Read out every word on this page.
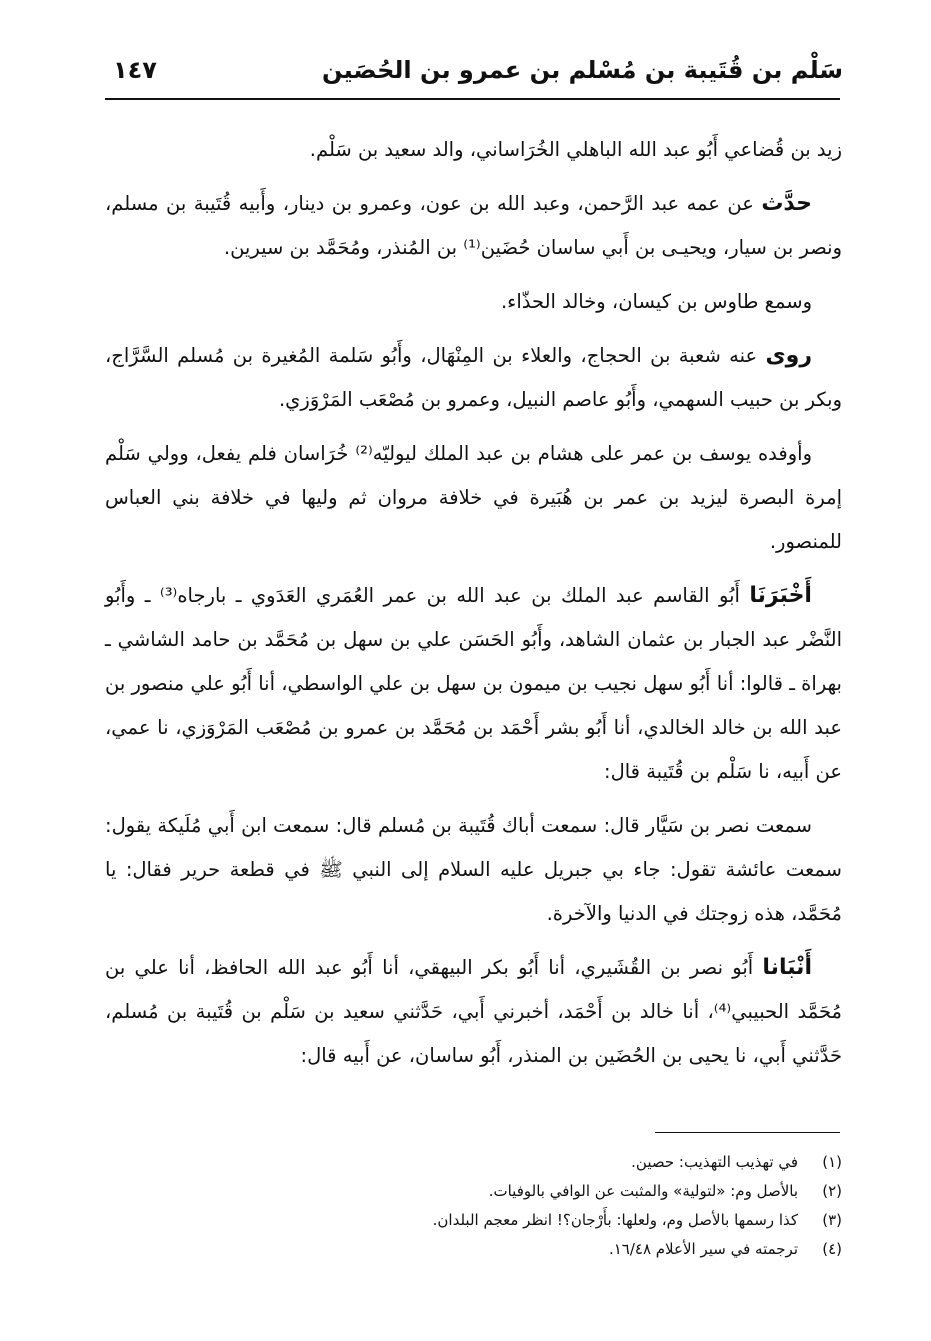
سَلْم بن قُتَيبة بن مُسْلم بن عمرو بن الحُصَين
١٤٧

زيد بن قُضاعي أَبُو عبد الله الباهلي الخُرَاساني، والد سعيد بن سَلْم.

حدَّث عن عمه عبد الرَّحمن، وعبد الله بن عون، وعمرو بن دينار، وأَبيه قُتَيبة بن مسلم، ونصر بن سيار، ويحيـى بن أَبي ساسان حُضَين⁽¹⁾ بن المُنذر، ومُحَمَّد بن سيرين.

وسمع طاوس بن كيسان، وخالد الحذّاء.

روى عنه شعبة بن الحجاج، والعلاء بن المِنْهَال، وأَبُو سَلمة المُغيرة بن مُسلم السَّرَّاج، وبكر بن حبيب السهمي، وأَبُو عاصم النبيل، وعمرو بن مُصْعَب المَرْوَزي.

وأوفده يوسف بن عمر على هشام بن عبد الملك ليوليّه⁽²⁾ خُرَاسان فلم يفعل، وولي سَلْم إمرة البصرة ليزيد بن عمر بن هُبَيرة في خلافة مروان ثم وليها في خلافة بني العباس للمنصور.

أَخْبَرَنَا أَبُو القاسم عبد الملك بن عبد الله بن عمر العُمَري العَدَوي ـ بارجاه⁽³⁾ ـ وأَبُو النَّضْر عبد الجبار بن عثمان الشاهد، وأَبُو الحَسَن علي بن سهل بن مُحَمَّد بن حامد الشاشي ـ بهراة ـ قالوا: أنا أَبُو سهل نجيب بن ميمون بن سهل بن علي الواسطي، أنا أَبُو علي منصور بن عبد الله بن خالد الخالدي، أنا أَبُو بشر أَحْمَد بن مُحَمَّد بن عمرو بن مُصْعَب المَرْوَزي، نا عمي، عن أَبيه، نا سَلْم بن قُتَيبة قال:

سمعت نصر بن سَيَّار قال: سمعت أباك قُتَيبة بن مُسلم قال: سمعت ابن أَبي مُلَيكة يقول: سمعت عائشة تقول: جاء بي جبريل عليه السلام إلى النبي ﷺ في قطعة حرير فقال: يا مُحَمَّد، هذه زوجتك في الدنيا والآخرة.

أَنْبَانا أَبُو نصر بن القُشَيري، أنا أَبُو بكر البيهقي، أنا أَبُو عبد الله الحافظ، أنا علي بن مُحَمَّد الحبيبي⁽⁴⁾، أنا خالد بن أَحْمَد، أخبرني أَبي، حَدَّثني سعيد بن سَلْم بن قُتَيبة بن مُسلم، حَدَّثني أَبي، نا يحيى بن الحُضَين بن المنذر، أَبُو ساسان، عن أَبيه قال:

(١)في تهذيب التهذيب: حصين.
(٢)بالأصل وم: «لتولية» والمثبت عن الوافي بالوفيات.
(٣)كذا رسمها بالأصل وم، ولعلها: بأَرْجان؟! انظر معجم البلدان.
(٤)ترجمته في سير الأعلام ١٦/٤٨.
